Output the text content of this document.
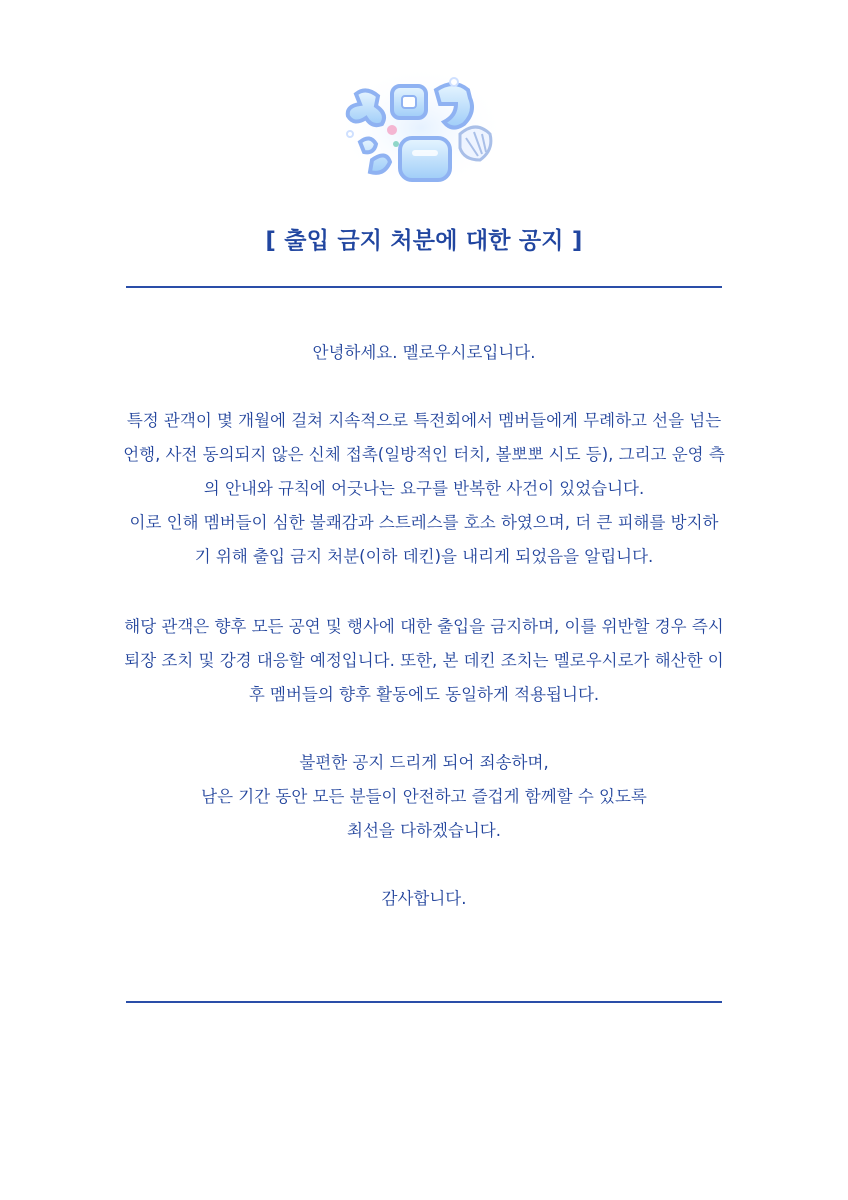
[ 출입 금지 처분에 대한 공지 ]
안녕하세요. 멜로우시로입니다.
특정 관객이 몇 개월에 걸쳐 지속적으로 특전회에서 멤버들에게 무례하고 선을 넘는
언행, 사전 동의되지 않은 신체 접촉(일방적인 터치, 볼뽀뽀 시도 등), 그리고 운영 측
의 안내와 규칙에 어긋나는 요구를 반복한 사건이 있었습니다.
이로 인해 멤버들이 심한 불쾌감과 스트레스를 호소 하였으며, 더 큰 피해를 방지하
기 위해 출입 금지 처분(이하 데킨)을 내리게 되었음을 알립니다.
해당 관객은 향후 모든 공연 및 행사에 대한 출입을 금지하며, 이를 위반할 경우 즉시
퇴장 조치 및 강경 대응할 예정입니다. 또한, 본 데킨 조치는 멜로우시로가 해산한 이
후 멤버들의 향후 활동에도 동일하게 적용됩니다.
불편한 공지 드리게 되어 죄송하며,
남은 기간 동안 모든 분들이 안전하고 즐겁게 함께할 수 있도록
최선을 다하겠습니다.
감사합니다.
